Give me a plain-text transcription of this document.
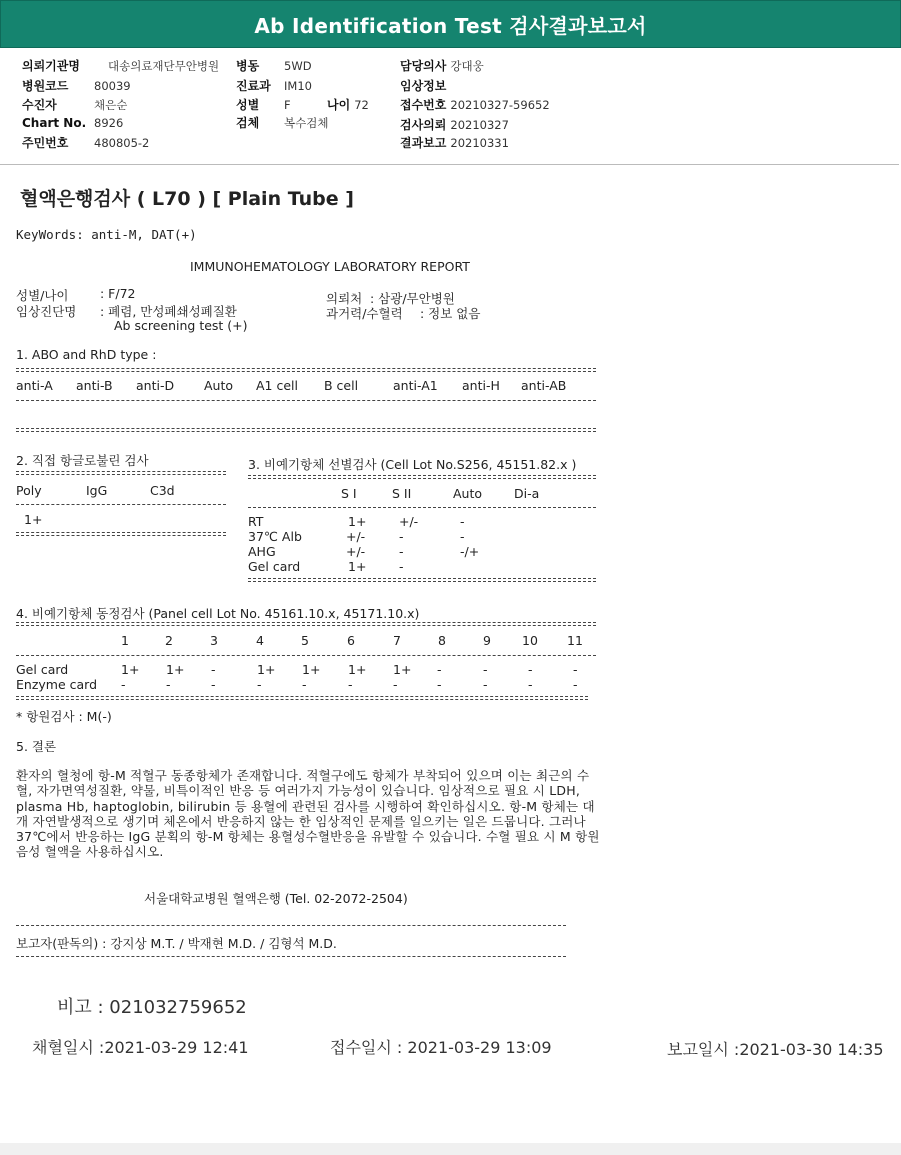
Ab Identification Test 검사결과보고서
의뢰기관명 대송의료재단무안병원
병원코드 80039
수진자	채은순
Chart No. 8926
주민번호 480805-2
병동 5WD
진료과 IM10
성별 F	나이 72
검체 복수검체
담당의사 강대웅
임상정보
접수번호 20210327-59652
검사의뢰 20210327
결과보고 20210331
혈액은행검사 ( L70 ) [ Plain Tube ]
KeyWords: anti-M, DAT(+)
IMMUNOHEMATOLOGY LABORATORY REPORT
성별/나이	: F/72
임상진단명 : 폐렴, 만성폐쇄성폐질환
Ab screening test (+)
의뢰처 : 삼광/무안병원
과거력/수혈력 : 정보 없음
1. ABO and RhD type :
anti-A anti-B anti-D Auto A1 cell B cell	anti-A1 anti-H anti-AB
2. 직접 항글로불린 검사
Poly	IgG	C3d
1+
3. 비예기항체 선별검사 (Cell Lot No.S256, 45151.82.x )
S I	S II	Auto	Di-a
RT	1+	+/-	-
37℃ Alb	+/-	-	-
AHG	+/-	-	-/+
Gel card	1+	-
4. 비예기항체 동정검사 (Panel cell Lot No. 45161.10.x, 45171.10.x)
1	2	3	4	5	6	7	8	9 10 11
Gel card	1+ 1+ -	1+ 1+ 1+ 1+ -	-	-	-
Enzyme card -	-	-	-	-	-	-	-	-	-	-
* 항원검사 : M(-)
5. 결론
환자의 혈청에 항-M 적혈구 동종항체가 존재합니다. 적혈구에도 항체가 부착되어 있으며 이는 최근의 수혈, 자가면역성질환, 약물, 비특이적인 반응 등 여러가지 가능성이 있습니다. 임상적으로 필요 시 LDH, plasma Hb, haptoglobin, bilirubin 등 용혈에 관련된 검사를 시행하여 확인하십시오. 항-M 항체는 대개 자연발생적으로 생기며 체온에서 반응하지 않는 한 임상적인 문제를 일으키는 일은 드뭅니다. 그러나 37℃에서 반응하는 IgG 분획의 항-M 항체는 용혈성수혈반응을 유발할 수 있습니다. 수혈 필요 시 M 항원 음성 혈액을 사용하십시오.
서울대학교병원 혈액은행 (Tel. 02-2072-2504)
보고자(판독의) : 강지상 M.T. / 박재현 M.D. / 김형석 M.D.
비고 : 021032759652
채혈일시 :2021-03-29 12:41	접수일시 : 2021-03-29 13:09	보고일시 :2021-03-30 14:35
